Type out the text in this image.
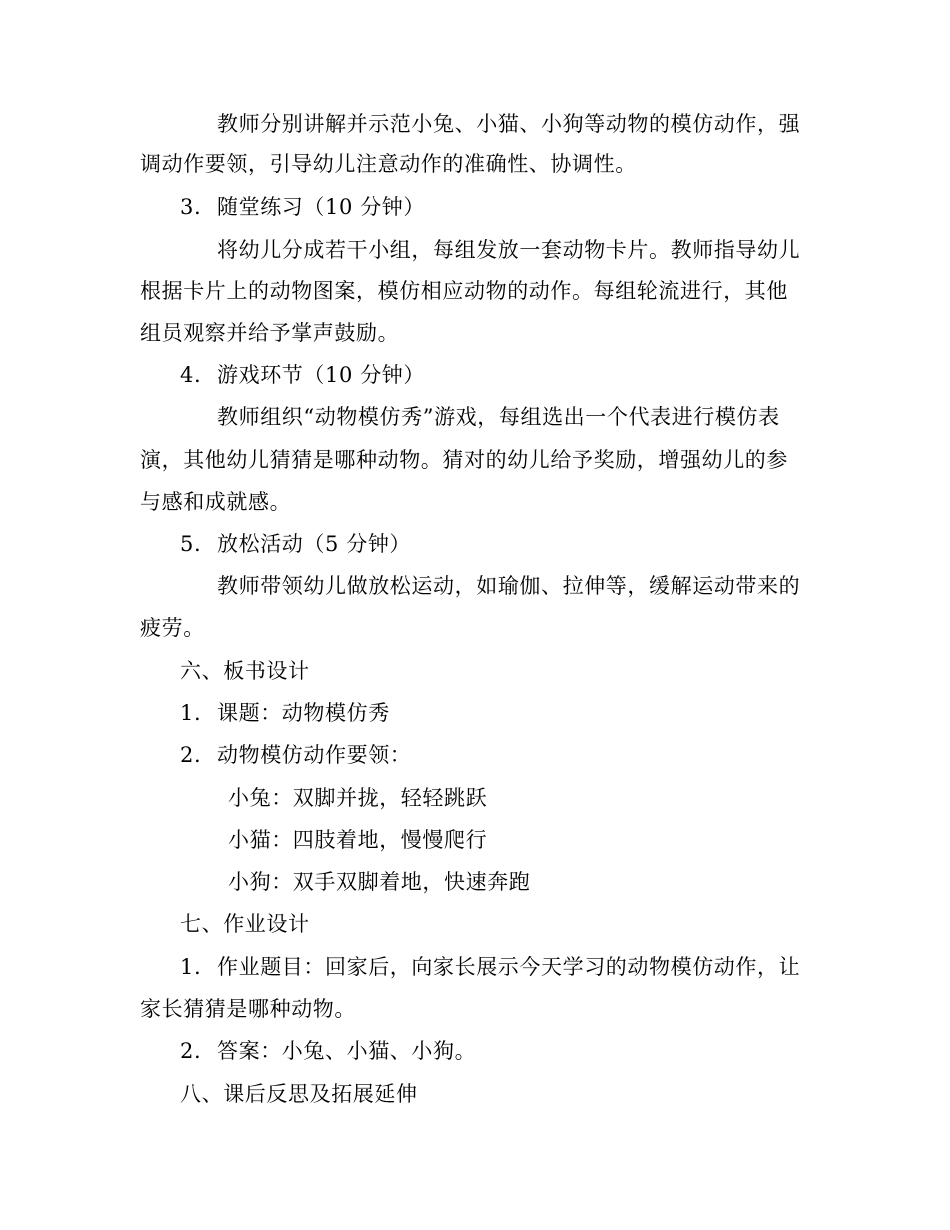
教师分别讲解并示范小兔、小猫、小狗等动物的模仿动作，强
调动作要领，引导幼儿注意动作的准确性、协调性。
3. 随堂练习（10 分钟）
将幼儿分成若干小组，每组发放一套动物卡片。教师指导幼儿
根据卡片上的动物图案，模仿相应动物的动作。每组轮流进行，其他
组员观察并给予掌声鼓励。
4. 游戏环节（10 分钟）
教师组织“动物模仿秀”游戏，每组选出一个代表进行模仿表
演，其他幼儿猜猜是哪种动物。猜对的幼儿给予奖励，增强幼儿的参
与感和成就感。
5. 放松活动（5 分钟）
教师带领幼儿做放松运动，如瑜伽、拉伸等，缓解运动带来的
疲劳。
六、板书设计
1. 课题：动物模仿秀
2. 动物模仿动作要领：
小兔：双脚并拢，轻轻跳跃
小猫：四肢着地，慢慢爬行
小狗：双手双脚着地，快速奔跑
七、作业设计
1. 作业题目：回家后，向家长展示今天学习的动物模仿动作，让
家长猜猜是哪种动物。
2. 答案：小兔、小猫、小狗。
八、课后反思及拓展延伸
